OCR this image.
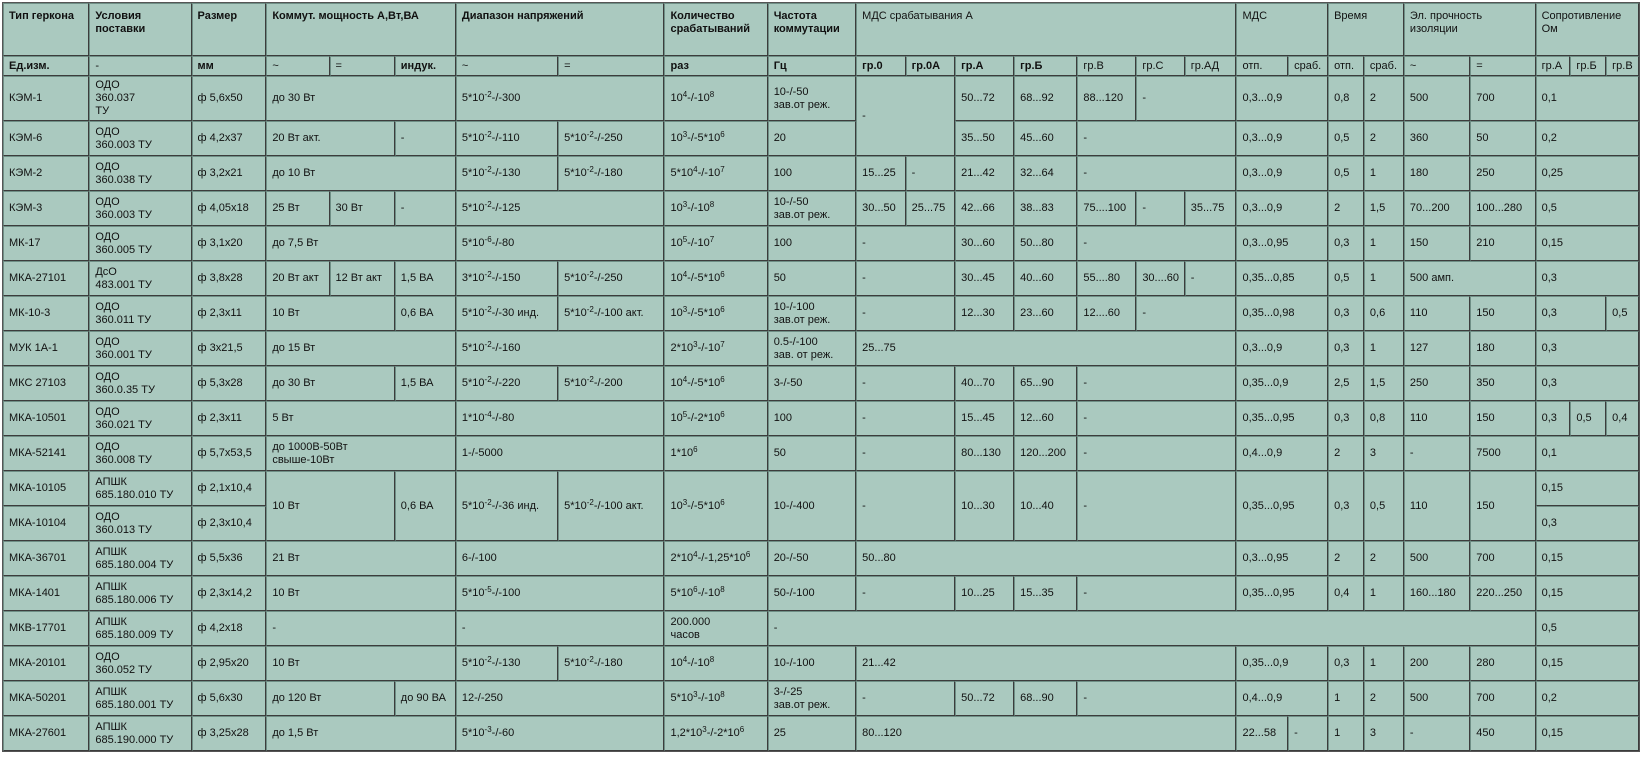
Тип геркона	Условия поставки	Размер	Коммут. мощность А,Вт,ВА			Диапазон напряжений		Количество срабатываний	Частота коммутации	МДС срабатывания А							МДС		Время		Эл. прочность изоляции		Сопротивление Ом		
Ед.изм.	-	мм	~	=	индук.	~	=	раз	Гц	гр.0	гр.0А	гр.А	гр.Б	гр.В	гр.С	гр.АД	отп.	сраб.	отп.	сраб.	~	=	гр.А	гр.Б	гр.В
КЭМ-1	ОДО
360.037
ТУ	ф 5,6х50	до 30 Вт			$5*10^{-2}-/-300$		$10^4-/-10^8$	10-/-50
зав.от реж.	-		50...72	68...92	88...120	-		0,3...0,9		0,8	2	500	700	0,1		
КЭМ-6	ОДО
360.003 ТУ	ф 4,2х37	20 Вт акт.		-	$5*10^{-2}-/-110$	$5*10^{-2}-/-250$	$10^3-/-5*10^6$	20			35...50	45...60	-			0,3...0,9		0,5	2	360	50	0,2		
КЭМ-2	ОДО
360.038 ТУ	ф 3,2х21	до 10 Вт			$5*10^{-2}-/-130$	$5*10^{-2}-/-180$	$5*10^4-/-10^7$	100	15...25	-	21...42	32...64	-			0,3...0,9		0,5	1	180	250	0,25		
КЭМ-3	ОДО
360.003 ТУ	ф 4,05х18	25 Вт	30 Вт	-	$5*10^{-2}-/-125$		$10^3-/-10^8$	10-/-50
зав.от реж.	30...50	25...75	42...66	38...83	75....100	-	35...75	0,3...0,9		2	1,5	70...200	100...280	0,5		
МК-17	ОДО
360.005 ТУ	ф 3,1х20	до 7,5 Вт			$5*10^{-6}-/-80$		$10^5-/-10^7$	100	-		30...60	50...80	-			0,3...0,95		0,3	1	150	210	0,15		
МКА-27101	ДсО
483.001 ТУ	ф 3,8х28	20 Вт акт	12 Вт акт	1,5 ВА	$3*10^{-2}-/-150$	$5*10^{-2}-/-250$	$10^4-/-5*10^6$	50	-		30...45	40...60	55....80	30....60	-	0,35...0,85		0,5	1	500 амп.		0,3		
МК-10-3	ОДО
360.011 ТУ	ф 2,3х11	10 Вт		0,6 ВА	$5*10^{-2}-/-30$ инд.	$5*10^{-2}-/-100$ акт.	$10^3-/-5*10^6$	10-/-100
зав.от реж.	-		12...30	23...60	12....60	-		0,35...0,98		0,3	0,6	110	150	0,3		0,5
МУК 1А-1	ОДО
360.001 ТУ	ф 3х21,5	до 15 Вт			$5*10^{-2}-/-160$		$2*10^3-/-10^7$	0.5-/-100
зав. от реж.	25...75							0,3...0,9		0,3	1	127	180	0,3		
МКС 27103	ОДО
360.0.35 ТУ	ф 5,3х28	до 30 Вт		1,5 ВА	$5*10^{-2}-/-220$	$5*10^{-2}-/-200$	$10^4-/-5*10^6$	3-/-50	-		40...70	65...90	-			0,35...0,9		2,5	1,5	250	350	0,3		
МКА-10501	ОДО
360.021 ТУ	ф 2,3х11	5 Вт			$1*10^{-4}-/-80$		$10^5-/-2*10^6$	100	-		15...45	12...60	-			0,35...0,95		0,3	0,8	110	150	0,3	0,5	0,4
МКА-52141	ОДО
360.008 ТУ	ф 5,7х53,5	до 1000В-50Вт
свыше-10Вт			1-/-5000		$1*10^6$	50	-		80...130	120...200	-			0,4...0,9		2	3	-	7500	0,1		
МКА-10105	АПШК
685.180.010 ТУ	ф 2,1х10,4	10 Вт		0,6 ВА	$5*10^{-2}-/-36$ инд.	$5*10^{-2}-/-100$ акт.	$10^3-/-5*10^6$	10-/-400	-		10...30	10...40	-			0,35...0,95		0,3	0,5	110	150	0,15		
МКА-10104	ОДО
360.013 ТУ	ф 2,3х10,4																					0,3		
МКА-36701	АПШК
685.180.004 ТУ	ф 5,5х36	21 Вт			6-/-100		$2*10^4-/-1,25*10^6$	20-/-50	50...80							0,3...0,95		2	2	500	700	0,15		
МКА-1401	АПШК
685.180.006 ТУ	ф 2,3х14,2	10 Вт			$5*10^{-5}-/-100$		$5*10^6-/-10^8$	50-/-100	-		10...25	15...35	-			0,35...0,95		0,4	1	160...180	220...250	0,15		
МКВ-17701	АПШК
685.180.009 ТУ	ф 4,2х18	-			-		200.000
часов	-														0,5		
МКА-20101	ОДО
360.052 ТУ	ф 2,95х20	10 Вт			$5*10^{-2}-/-130$	$5*10^{-2}-/-180$	$10^4-/-10^8$	10-/-100	21...42							0,35...0,9		0,3	1	200	280	0,15		
МКА-50201	АПШК
685.180.001 ТУ	ф 5,6х30	до 120 Вт		до 90 ВА	12-/-250		$5*10^3-/-10^8$	3-/-25
зав.от реж.	-		50...72	68...90	-			0,4...0,9		1	2	500	700	0,2		
МКА-27601	АПШК
685.190.000 ТУ	ф 3,25х28	до 1,5 Вт			$5*10^{-3}-/-60$		$1,2*10^3-/-2*10^6$	25	80...120							22...58	-	1	3	-	450	0,15		
